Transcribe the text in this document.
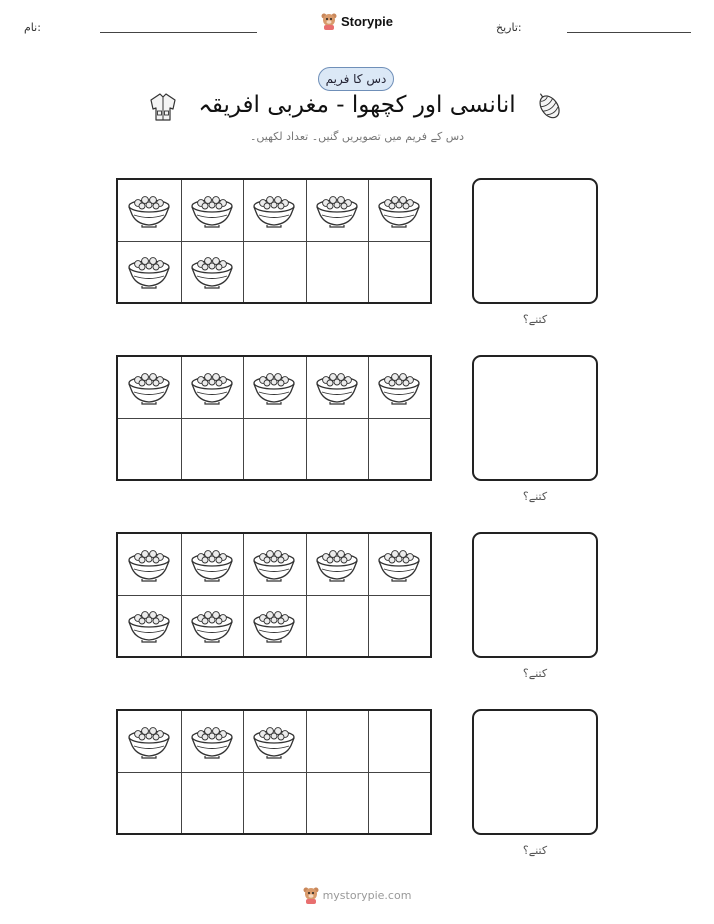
نام:	Storypie	تاریخ:
دس کا فریم
انانسی اور کچھوا - مغربی افریقہ
دس کے فریم میں تصویریں گنیں۔ تعداد لکھیں۔
کتنے؟
کتنے؟
کتنے؟
کتنے؟
mystorypie.com
